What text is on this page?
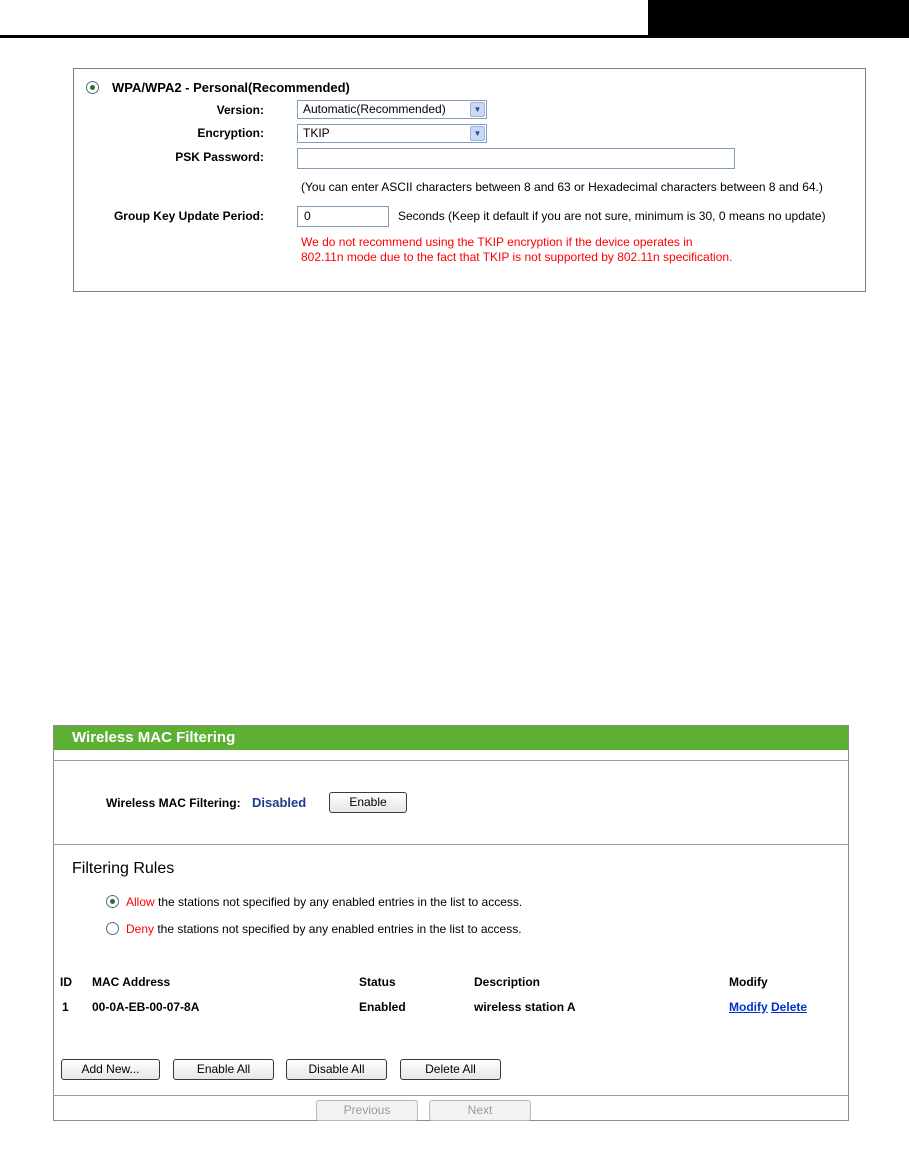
WPA/WPA2 - Personal(Recommended)
Version:	Automatic(Recommended)	▼
Encryption:	TKIP	▼
PSK Password:
(You can enter ASCII characters between 8 and 63 or Hexadecimal characters between 8 and 64.)
Group Key Update Period:	0	Seconds (Keep it default if you are not sure, minimum is 30, 0 means no update)
We do not recommend using the TKIP encryption if the device operates in
802.11n mode due to the fact that TKIP is not supported by 802.11n specification.
Wireless MAC Filtering
Wireless MAC Filtering: Disabled	Enable
Filtering Rules
Allow the stations not specified by any enabled entries in the list to access.
Deny the stations not specified by any enabled entries in the list to access.
ID MAC Address	Status	Description	Modify
1 00-0A-EB-00-07-8A	Enabled	wireless station A	Modify Delete
Add New...	Enable All	Disable All	Delete All
Previous	Next
